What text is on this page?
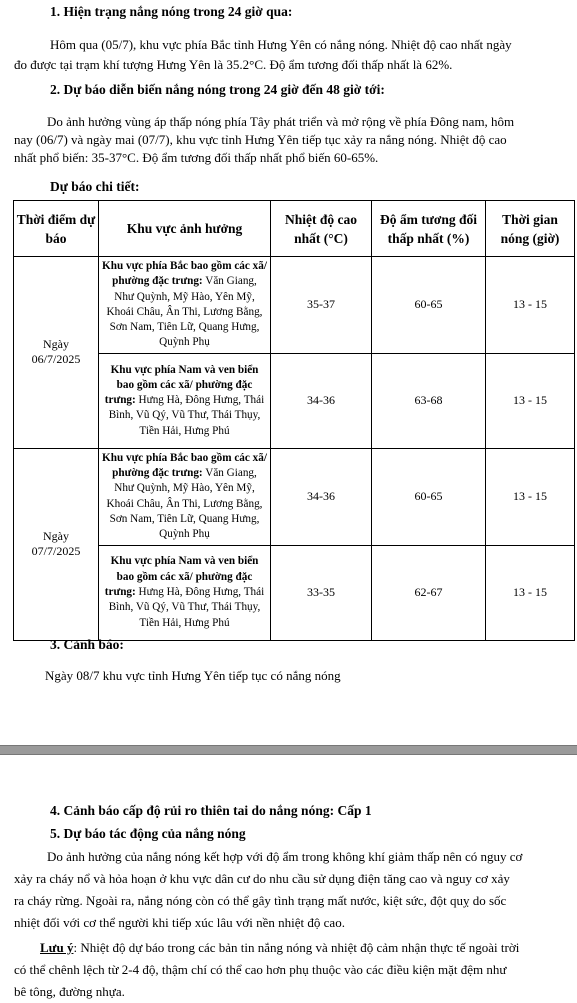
1. Hiện trạng nắng nóng trong 24 giờ qua:
Hôm qua (05/7), khu vực phía Bắc tỉnh Hưng Yên có nắng nóng. Nhiệt độ cao nhất ngày
đo được tại trạm khí tượng Hưng Yên là 35.2°C. Độ ẩm tương đối thấp nhất là 62%.
2. Dự báo diễn biến nắng nóng trong 24 giờ đến 48 giờ tới:
Do ảnh hưởng vùng áp thấp nóng phía Tây phát triển và mở rộng về phía Đông nam, hôm
nay (06/7) và ngày mai (07/7), khu vực tỉnh Hưng Yên tiếp tục xảy ra nắng nóng. Nhiệt độ cao
nhất phổ biến: 35-37°C. Độ ẩm tương đối thấp nhất phổ biến 60-65%.
Dự báo chi tiết:
Thời điểm dự báo	Khu vực ảnh hưởng	Nhiệt độ cao nhất (°C)	Độ ẩm tương đối thấp nhất (%)	Thời gian nóng (giờ)
Ngày 06/7/2025	Khu vực phía Bắc bao gồm các xã/ phường đặc trưng: Văn Giang, Như Quỳnh, Mỹ Hào, Yên Mỹ, Khoái Châu, Ân Thi, Lương Bằng, Sơn Nam, Tiên Lữ, Quang Hưng, Quỳnh Phụ	35-37	60-65	13 - 15
	Khu vực phía Nam và ven biển bao gồm các xã/ phường đặc trưng: Hưng Hà, Đông Hưng, Thái Bình, Vũ Qý, Vũ Thư, Thái Thụy, Tiền Hải, Hưng Phú	34-36	63-68	13 - 15
Ngày 07/7/2025	Khu vực phía Bắc bao gồm các xã/ phường đặc trưng: Văn Giang, Như Quỳnh, Mỹ Hào, Yên Mỹ, Khoái Châu, Ân Thi, Lương Bằng, Sơn Nam, Tiên Lữ, Quang Hưng, Quỳnh Phụ	34-36	60-65	13 - 15
	Khu vực phía Nam và ven biển bao gồm các xã/ phường đặc trưng: Hưng Hà, Đông Hưng, Thái Bình, Vũ Qý, Vũ Thư, Thái Thụy, Tiền Hải, Hưng Phú	33-35	62-67	13 - 15
3. Cảnh báo:
Ngày 08/7 khu vực tỉnh Hưng Yên tiếp tục có nắng nóng
4. Cảnh báo cấp độ rủi ro thiên tai do nắng nóng: Cấp 1
5. Dự báo tác động của nắng nóng
Do ảnh hưởng của nắng nóng kết hợp với độ ẩm trong không khí giảm thấp nên có nguy cơ
xảy ra cháy nổ và hỏa hoạn ở khu vực dân cư do nhu cầu sử dụng điện tăng cao và nguy cơ xảy
ra cháy rừng. Ngoài ra, nắng nóng còn có thể gây tình trạng mất nước, kiệt sức, đột quỵ do sốc
nhiệt đối với cơ thể người khi tiếp xúc lâu với nền nhiệt độ cao.
Lưu ý: Nhiệt độ dự báo trong các bản tin nắng nóng và nhiệt độ cảm nhận thực tế ngoài trời
có thể chênh lệch từ 2-4 độ, thậm chí có thể cao hơn phụ thuộc vào các điều kiện mặt đệm như
bê tông, đường nhựa.
